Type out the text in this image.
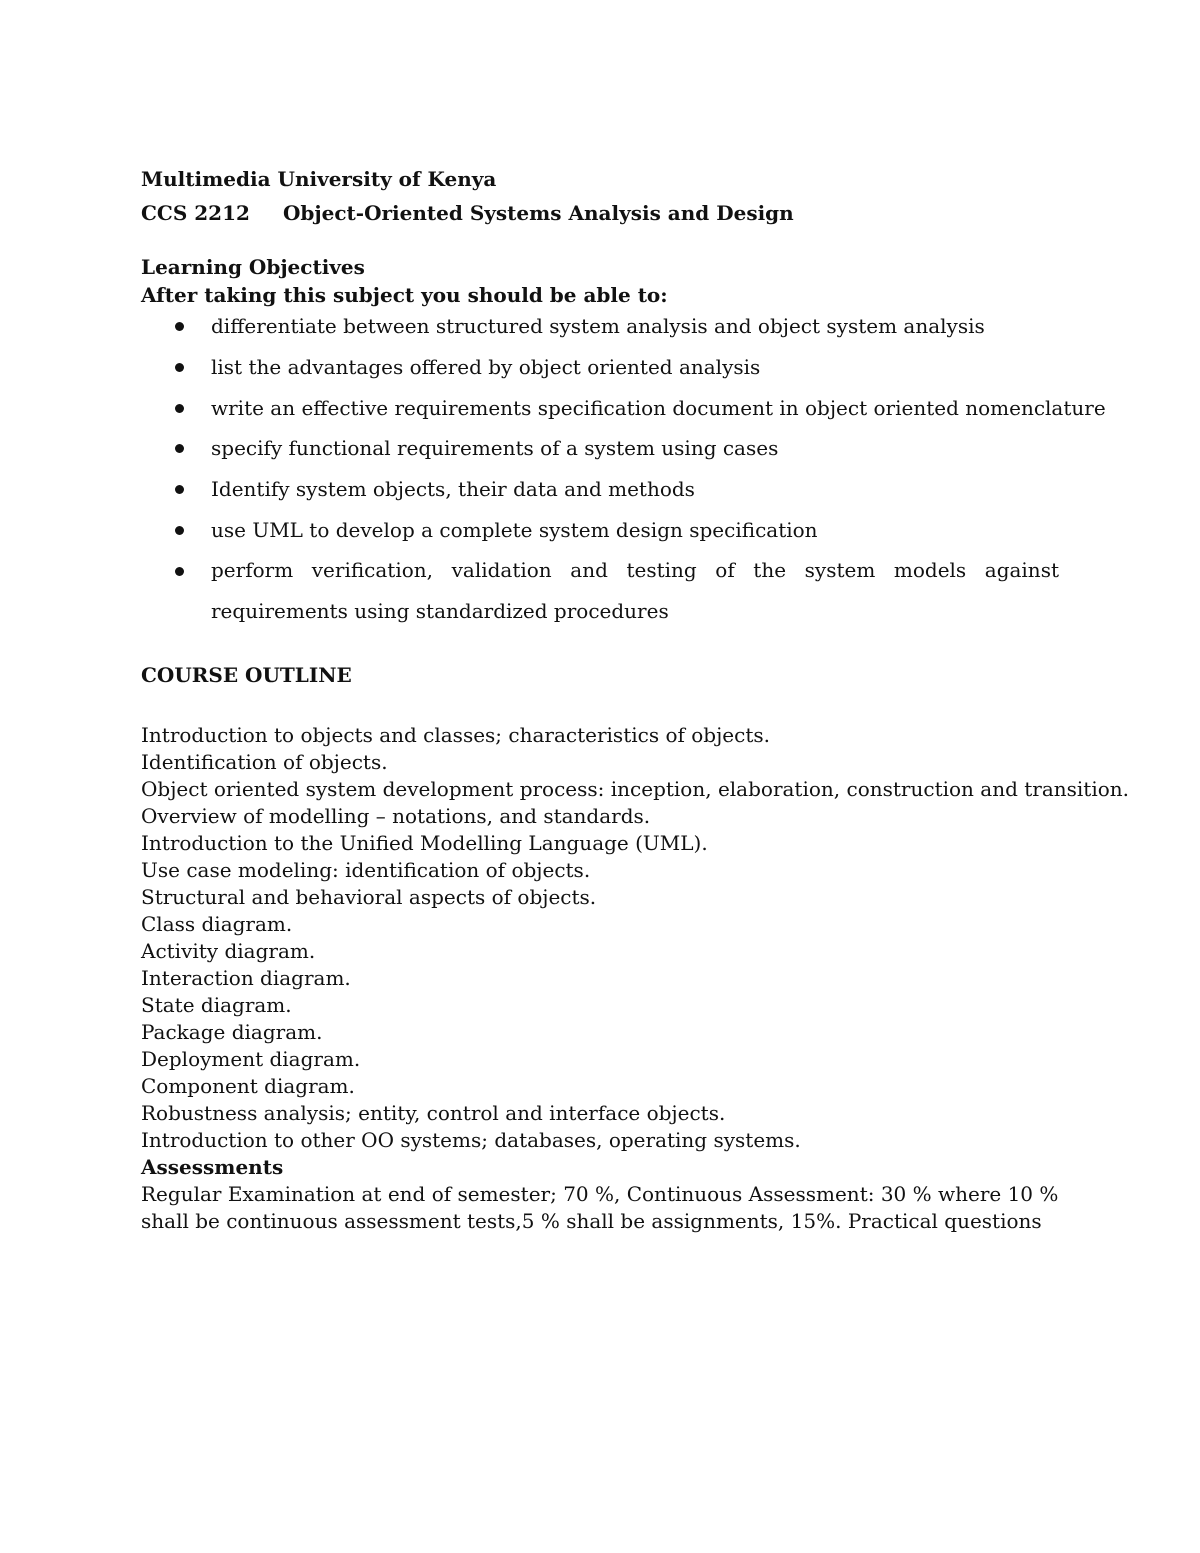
Multimedia University of Kenya
CCS 2212 Object-Oriented Systems Analysis and Design
Learning Objectives
After taking this subject you should be able to:
differentiate between structured system analysis and object system analysis
list the advantages offered by object oriented analysis
write an effective requirements specification document in object oriented nomenclature
specify functional requirements of a system using cases
Identify system objects, their data and methods
use UML to develop a complete system design specification
perform verification, validation and testing of the system models against requirements using standardized procedures
COURSE OUTLINE
Introduction to objects and classes; characteristics of objects.
Identification of objects.
Object oriented system development process: inception, elaboration, construction and transition.
Overview of modelling – notations, and standards.
Introduction to the Unified Modelling Language (UML).
Use case modeling: identification of objects.
Structural and behavioral aspects of objects.
Class diagram.
Activity diagram.
Interaction diagram.
State diagram.
Package diagram.
Deployment diagram.
Component diagram.
Robustness analysis; entity, control and interface objects.
Introduction to other OO systems; databases, operating systems.
Assessments
Regular Examination at end of semester; 70 %, Continuous Assessment: 30 % where 10 % shall be continuous assessment tests,5 % shall be assignments, 15%. Practical questions
